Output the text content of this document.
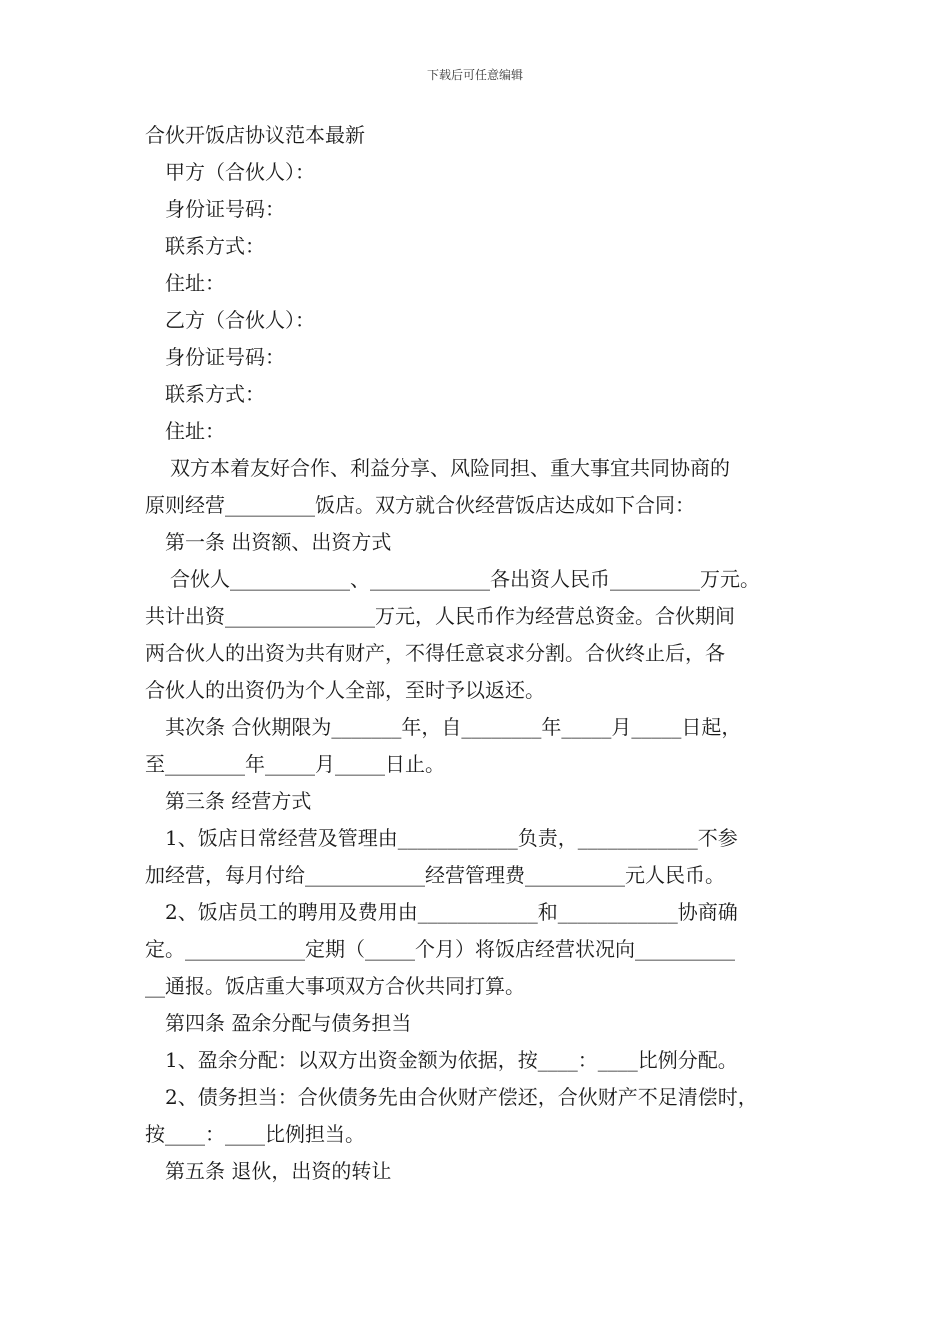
下载后可任意编辑
合伙开饭店协议范本最新
甲方（合伙人）：
身份证号码：
联系方式：
住址：
乙方（合伙人）：
身份证号码：
联系方式：
住址：
双方本着友好合作、利益分享、风险同担、重大事宜共同协商的
原则经营_________饭店。双方就合伙经营饭店达成如下合同：
第一条 出资额、出资方式
合伙人____________、____________各出资人民币_________万元。
共计出资_______________万元，人民币作为经营总资金。合伙期间
两合伙人的出资为共有财产，不得任意哀求分割。合伙终止后，各
合伙人的出资仍为个人全部，至时予以返还。
其次条 合伙期限为_______年，自________年_____月_____日起，
至________年_____月_____日止。
第三条 经营方式
1、饭店日常经营及管理由____________负责，____________不参
加经营，每月付给____________经营管理费__________元人民币。
2、饭店员工的聘用及费用由____________和____________协商确
定。____________定期（_____个月）将饭店经营状况向__________
__通报。饭店重大事项双方合伙共同打算。
第四条 盈余分配与债务担当
1、盈余分配：以双方出资金额为依据，按____：____比例分配。
2、债务担当：合伙债务先由合伙财产偿还，合伙财产不足清偿时，
按____：____比例担当。
第五条 退伙，出资的转让
